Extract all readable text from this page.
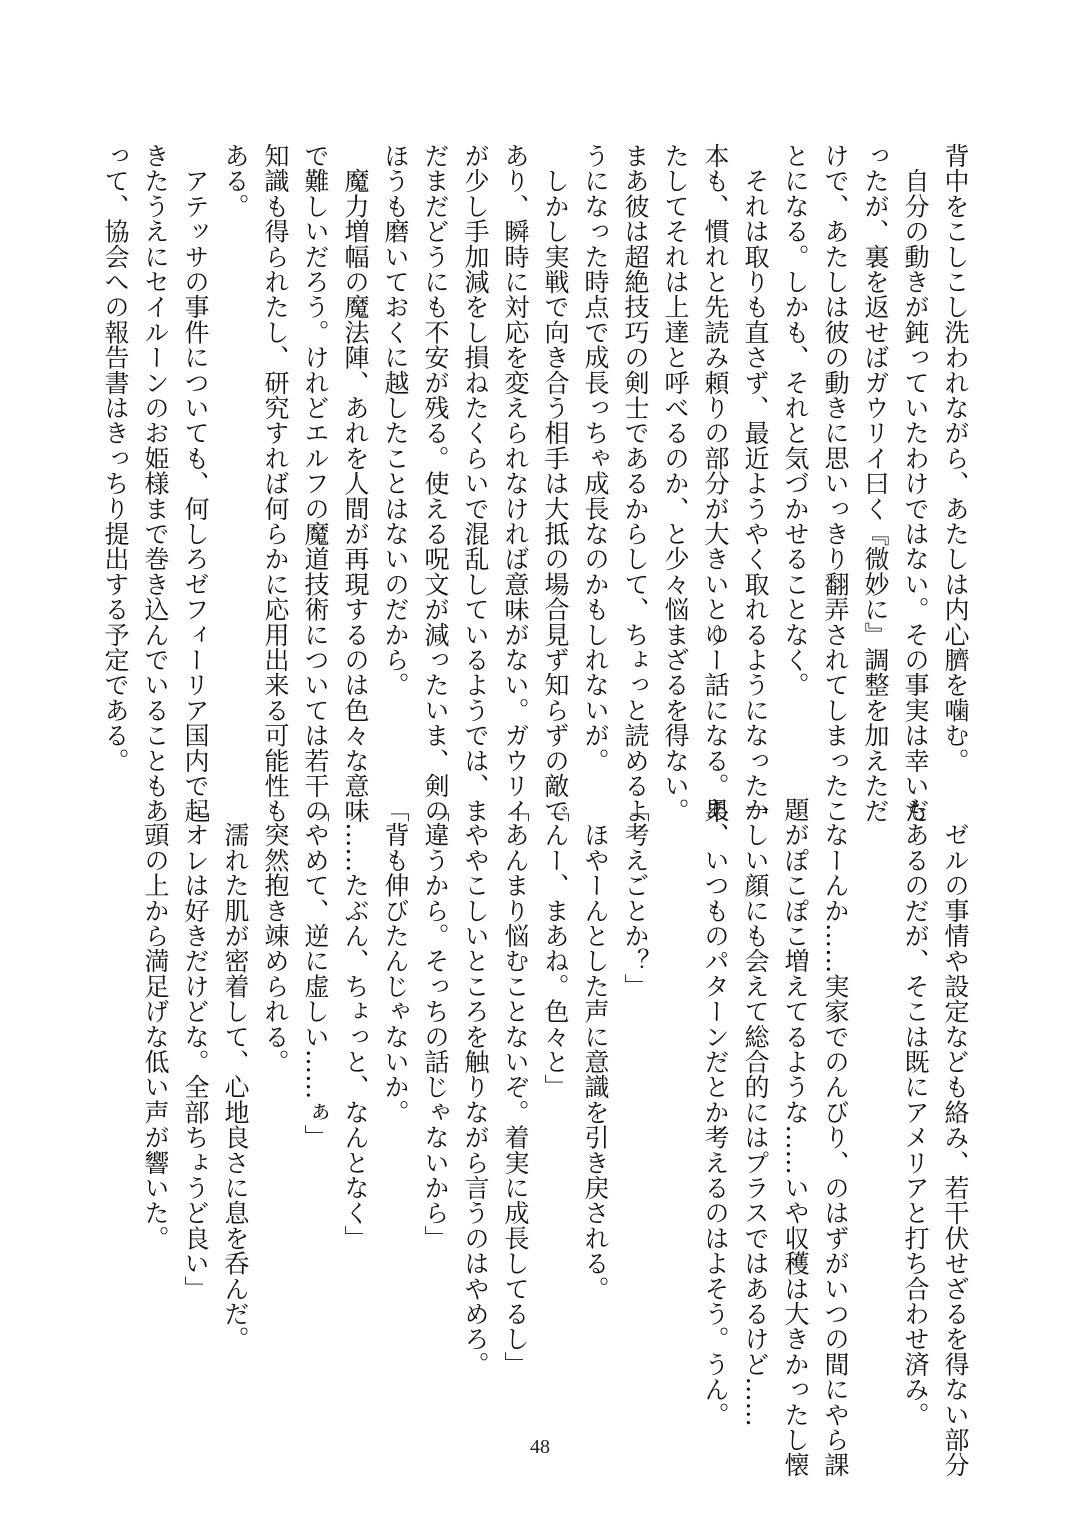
背中をこしこし洗われながら、あたしは内心臍を噛む。
　自分の動きが鈍っていたわけではない。その事実は幸いだ
ったが、裏を返せばガウリイ曰く『微妙に』調整を加えただ
けで、あたしは彼の動きに思いっきり翻弄されてしまったこ
とになる。しかも、それと気づかせることなく。
　それは取りも直さず、最近ようやく取れるようになった一
本も、慣れと先読み頼りの部分が大きいとゆー話になる。果
たしてそれは上達と呼べるのか、と少々悩まざるを得ない。
まあ彼は超絶技巧の剣士であるからして、ちょっと読めるよ
うになった時点で成長っちゃ成長なのかもしれないが。
　しかし実戦で向き合う相手は大抵の場合見ず知らずの敵で
あり、瞬時に対応を変えられなければ意味がない。ガウリイ
が少し手加減をし損ねたくらいで混乱しているようでは、ま
だまだどうにも不安が残る。使える呪文が減ったいま、剣の
ほうも磨いておくに越したことはないのだから。
　魔力増幅の魔法陣、あれを人間が再現するのは色々な意味
で難しいだろう。けれどエルフの魔道技術については若干の
知識も得られたし、研究すれば何らかに応用出来る可能性も
ある。
　アテッサの事件についても、何しろゼフィーリア国内で起
きたうえにセイルーンのお姫様まで巻き込んでいることもあ
って、協会への報告書はきっちり提出する予定である。
　ゼルの事情や設定なども絡み、若干伏せざるを得ない部分
もあるのだが、そこは既にアメリアと打ち合わせ済み。

　なーんか……実家でのんびり、のはずがいつの間にやら課
題がぽこぽこ増えてるような……いや収穫は大きかったし懐
かしい顔にも会えて総合的にはプラスではあるけど……
あ、いつものパターンだとか考えるのはよそう。うん。

「考えごとか？」
　ほやーんとした声に意識を引き戻される。
「んー、まあね。色々と」
「あんまり悩むことないぞ。着実に成長してるし」
　ややこしいところを触りながら言うのはやめろ。
「違うから。そっちの話じゃないから」
「背も伸びたんじゃないか。
　……たぶん、ちょっと、なんとなく」
「やめて、逆に虚しい……ぁ」
　突然抱き竦められる。
　濡れた肌が密着して、心地良さに息を呑んだ。
「オレは好きだけどな。全部ちょうど良い」
　頭の上から満足げな低い声が響いた。
48
